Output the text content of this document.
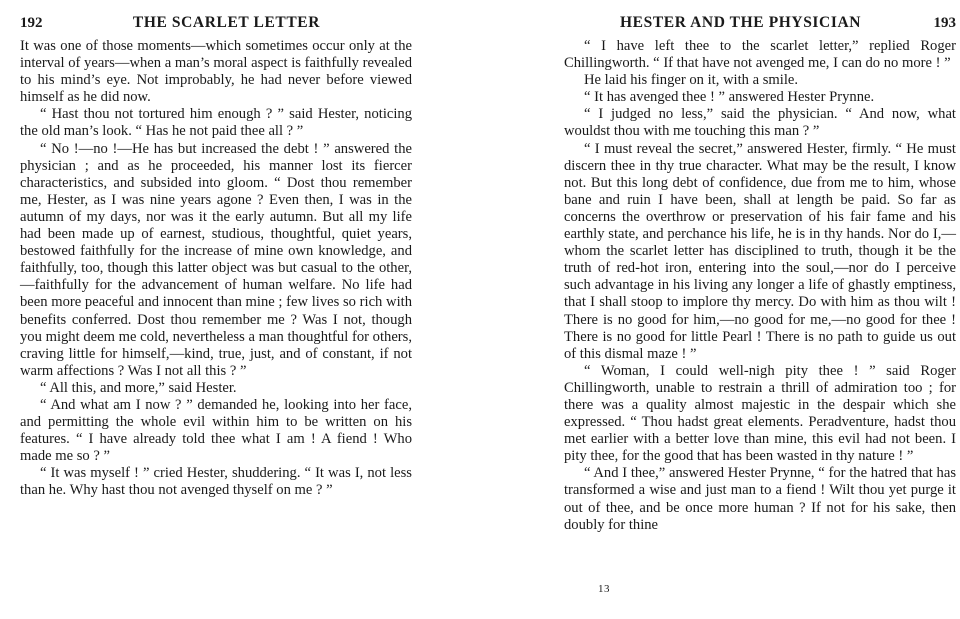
192	THE SCARLET LETTER

It was one of those moments—which sometimes occur only at the interval of years—when a man’s moral aspect is faithfully revealed to his mind’s eye. Not improbably, he had never before viewed himself as he did now.

“ Hast thou not tortured him enough ? ” said Hester, noticing the old man’s look. “ Has he not paid thee all ? ”

“ No !—no !—He has but increased the debt ! ” answered the physician ; and as he proceeded, his manner lost its fiercer characteristics, and subsided into gloom. “ Dost thou remember me, Hester, as I was nine years agone ? Even then, I was in the autumn of my days, nor was it the early autumn. But all my life had been made up of earnest, studious, thoughtful, quiet years, bestowed faithfully for the increase of mine own knowledge, and faithfully, too, though this latter object was but casual to the other,—faithfully for the advancement of human welfare. No life had been more peaceful and innocent than mine ; few lives so rich with benefits conferred. Dost thou remember me ? Was I not, though you might deem me cold, nevertheless a man thoughtful for others, craving little for himself,—kind, true, just, and of constant, if not warm affections ? Was I not all this ? ”

“ All this, and more,” said Hester.

“ And what am I now ? ” demanded he, looking into her face, and permitting the whole evil within him to be written on his features. “ I have already told thee what I am ! A fiend ! Who made me so ? ”

“ It was myself ! ” cried Hester, shuddering. “ It was I, not less than he. Why hast thou not avenged thyself on me ? ”

HESTER AND THE PHYSICIAN	193

“ I have left thee to the scarlet letter,” replied Roger Chillingworth. “ If that have not avenged me, I can do no more ! ”

He laid his finger on it, with a smile.

“ It has avenged thee ! ” answered Hester Prynne.

“ I judged no less,” said the physician. “ And now, what wouldst thou with me touching this man ? ”

“ I must reveal the secret,” answered Hester, firmly. “ He must discern thee in thy true character. What may be the result, I know not. But this long debt of confidence, due from me to him, whose bane and ruin I have been, shall at length be paid. So far as concerns the overthrow or preservation of his fair fame and his earthly state, and perchance his life, he is in thy hands. Nor do I,—whom the scarlet letter has disciplined to truth, though it be the truth of red-hot iron, entering into the soul,—nor do I perceive such advantage in his living any longer a life of ghastly emptiness, that I shall stoop to implore thy mercy. Do with him as thou wilt ! There is no good for him,—no good for me,—no good for thee ! There is no good for little Pearl ! There is no path to guide us out of this dismal maze ! ”

“ Woman, I could well-nigh pity thee ! ” said Roger Chillingworth, unable to restrain a thrill of admiration too ; for there was a quality almost majestic in the despair which she expressed. “ Thou hadst great elements. Peradventure, hadst thou met earlier with a better love than mine, this evil had not been. I pity thee, for the good that has been wasted in thy nature ! ”

“ And I thee,” answered Hester Prynne, “ for the hatred that has transformed a wise and just man to a fiend ! Wilt thou yet purge it out of thee, and be once more human ? If not for his sake, then doubly for thine

13
